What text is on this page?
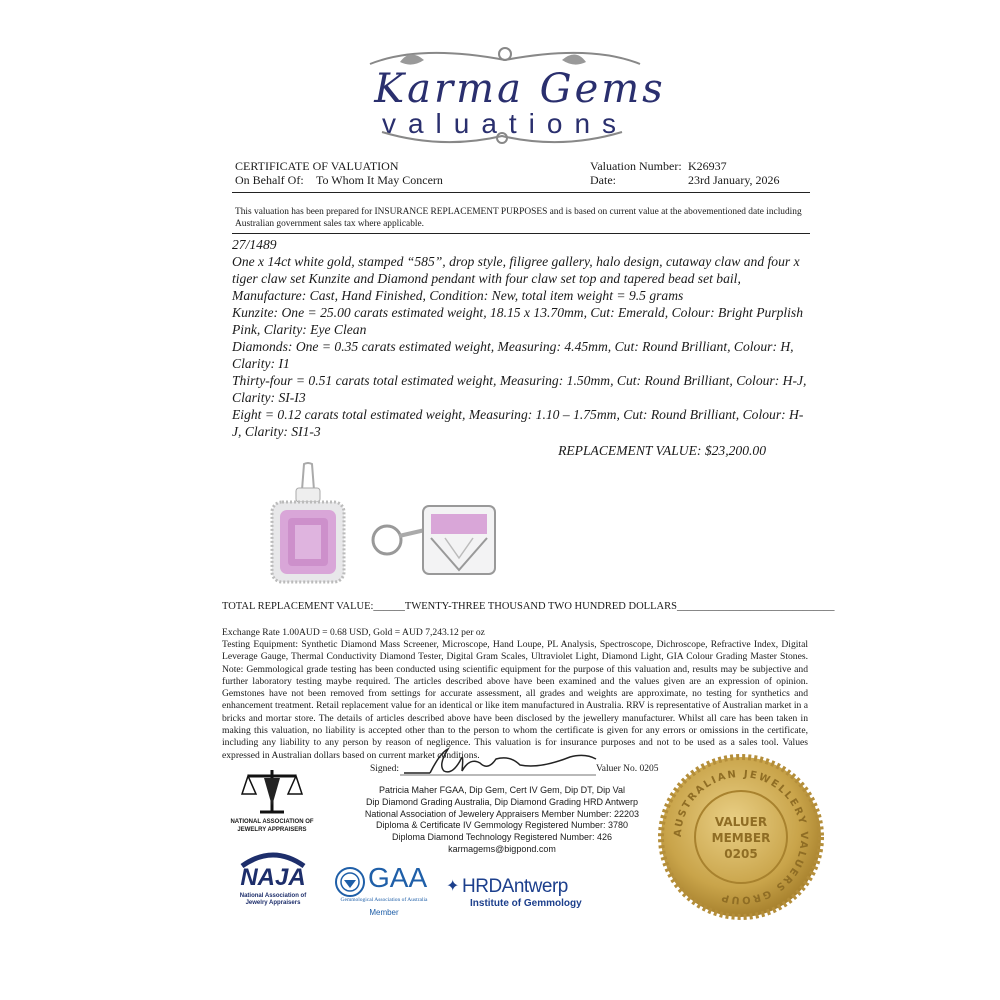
Karma Gems
valuations
CERTIFICATE OF VALUATION
On Behalf Of: To Whom It May Concern
Valuation Number: K26937
Date:	23rd January, 2026
This valuation has been prepared for INSURANCE REPLACEMENT PURPOSES and is based on current value at the abovementioned date including Australian government sales tax where applicable.

27/1489

One x 14ct white gold, stamped “585”, drop style, filigree gallery, halo design, cutaway claw and four x tiger claw set Kunzite and Diamond pendant with four claw set top and tapered bead set bail, Manufacture: Cast, Hand Finished, Condition: New, total item weight = 9.5 grams

Kunzite: One = 25.00 carats estimated weight, 18.15 x 13.70mm, Cut: Emerald, Colour: Bright Purplish Pink, Clarity: Eye Clean

Diamonds: One = 0.35 carats estimated weight, Measuring: 4.45mm, Cut: Round Brilliant, Colour: H, Clarity: I1

Thirty-four = 0.51 carats total estimated weight, Measuring: 1.50mm, Cut: Round Brilliant, Colour: H-J, Clarity: SI-I3

Eight = 0.12 carats total estimated weight, Measuring: 1.10 – 1.75mm, Cut: Round Brilliant, Colour: H-J, Clarity: SI1-3

REPLACEMENT VALUE: $23,200.00

TOTAL REPLACEMENT VALUE:______TWENTY-THREE THOUSAND TWO HUNDRED DOLLARS______________________________
Exchange Rate 1.00AUD = 0.68 USD, Gold = AUD 7,243.12 per oz
Testing Equipment: Synthetic Diamond Mass Screener, Microscope, Hand Loupe, PL Analysis, Spectroscope, Dichroscope, Refractive Index, Digital Leverage Gauge, Thermal Conductivity Diamond Tester, Digital Gram Scales, Ultraviolet Light, Diamond Light, GIA Colour Grading Master Stones. Note: Gemmological grade testing has been conducted using scientific equipment for the purpose of this valuation and, results may be subjective and further laboratory testing maybe required. The articles described above have been examined and the values given are an expression of opinion. Gemstones have not been removed from settings for accurate assessment, all grades and weights are approximate, no testing for synthetics and enhancement treatment. Retail replacement value for an identical or like item manufactured in Australia. RRV is representative of Australian market in a bricks and mortar store. The details of articles described above have been disclosed by the jewellery manufacturer. Whilst all care has been taken in making this valuation, no liability is accepted other than to the person to whom the certificate is given for any errors or omissions in the certificate, including any liability to any person by reason of negligence. This valuation is for insurance purposes and not to be used as a sales tool. Values expressed in Australian dollars based on current market conditions.
Signed:	Valuer No. 0205
Patricia Maher FGAA, Dip Gem, Cert IV Gem, Dip DT, Dip Val
Dip Diamond Grading Australia, Dip Diamond Grading HRD Antwerp
National Association of Jewelery Appraisers Member Number: 22203
Diploma & Certificate IV Gemmology Registered Number: 3780
Diploma Diamond Technology Registered Number: 426
karmagems@bigpond.com
NATIONAL ASSOCIATION OF JEWELRY APPRAISERS
NAJA
National Association of Jewelry Appraisers
GAA
Gemmological Association of Australia
Member
✦ HRDAntwerp
Institute of Gemmology
AUSTRALIAN JEWELLERY VALUERS GROUP
VALUER
MEMBER
0205
